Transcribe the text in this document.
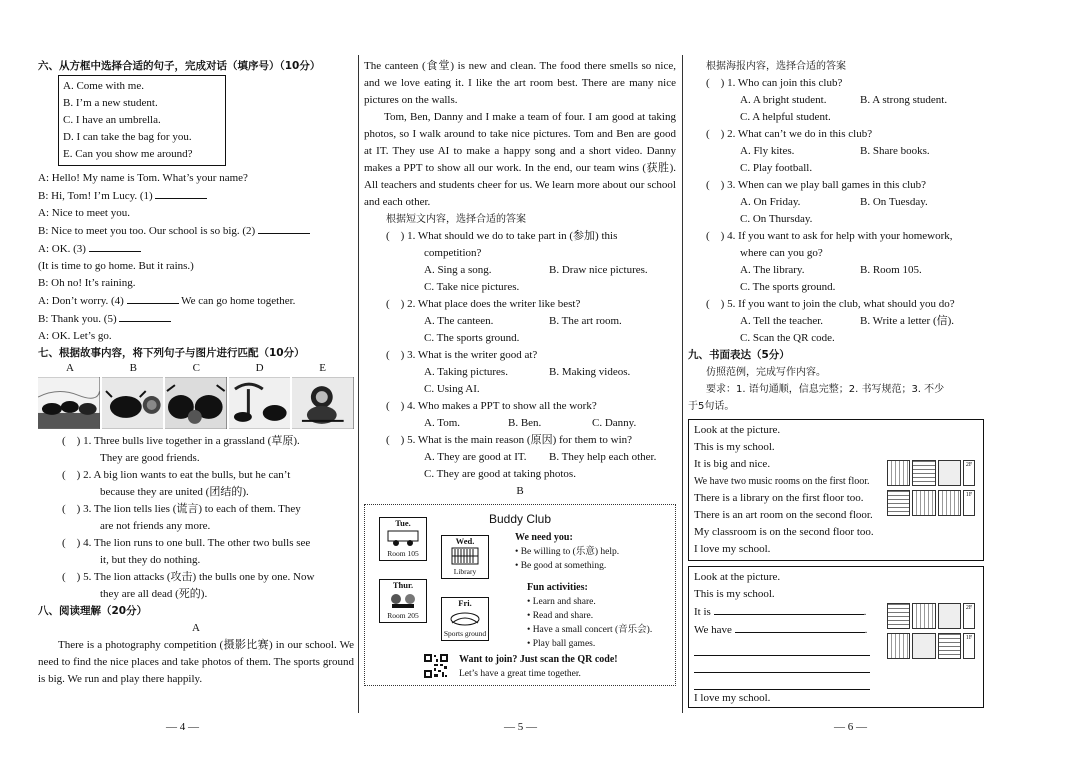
六、从方框中选择合适的句子，完成对话（填序号）（10分）
A. Come with me.
B. I’m a new student.
C. I have an umbrella.
D. I can take the bag for you.
E. Can you show me around?
A: Hello! My name is Tom. What’s your name?
B: Hi, Tom! I’m Lucy. (1)
A: Nice to meet you.
B: Nice to meet you too. Our school is so big. (2)
A: OK. (3)
(It is time to go home. But it rains.)
B: Oh no! It’s raining.
A: Don’t worry. (4)	We can go home together.
B: Thank you. (5)
A: OK. Let’s go.
七、根据故事内容，将下列句子与图片进行匹配（10分）
A	B	C	D	E
(　) 1. Three bulls live together in a grassland (草原).
They are good friends.
(　) 2. A big lion wants to eat the bulls, but he can’t
because they are united (团结的).
(　) 3. The lion tells lies (谎言) to each of them. They
are not friends any more.
(　) 4. The lion runs to one bull. The other two bulls see
it, but they do nothing.
(　) 5. The lion attacks (攻击) the bulls one by one. Now
they are all dead (死的).
八、阅读理解（20分）
A

There is a photography competition (摄影比赛) in our school. We need to find the nice places and take photos of them. The sports ground is big. We run and play there happily.

The canteen (食堂) is new and clean. The food there smells so nice, and we love eating it. I like the art room best. There are many nice pictures on the walls.

Tom, Ben, Danny and I make a team of four. I am good at taking photos, so I walk around to take nice pictures. Tom and Ben are good at IT. They use AI to make a happy song and a short video. Danny makes a PPT to show all our work. In the end, our team wins (获胜). All teachers and students cheer for us. We learn more about our school and each other.

根据短文内容，选择合适的答案
(　) 1. What should we do to take part in (参加) this
competition?
A. Sing a song.	B. Draw nice pictures.
C. Take nice pictures.
(　) 2. What place does the writer like best?
A. The canteen.	B. The art room.
C. The sports ground.
(　) 3. What is the writer good at?
A. Taking pictures.	B. Making videos.
C. Using AI.
(　) 4. Who makes a PPT to show all the work?
A. Tom.	B. Ben.	C. Danny.
(　) 5. What is the main reason (原因) for them to win?
A. They are good at IT.	B. They help each other.
C. They are good at taking photos.
B
Buddy Club
Tue.
Room 105
Wed.
Library
Thur.
Room 205
Fri.
Sports ground
We need you:
• Be willing to (乐意) help.
• Be good at something.
Fun activities:
• Learn and share.
• Read and share.
• Have a small concert (音乐会).
• Play ball games.
Want to join? Just scan the QR code!
Let’s have a great time together.
根据海报内容，选择合适的答案
(　) 1. Who can join this club?
A. A bright student.	B. A strong student.
C. A helpful student.
(　) 2. What can’t we do in this club?
A. Fly kites.	B. Share books.
C. Play football.
(　) 3. When can we play ball games in this club?
A. On Friday.	B. On Tuesday.
C. On Thursday.
(　) 4. If you want to ask for help with your homework,
where can you go?
A. The library.	B. Room 105.
C. The sports ground.
(　) 5. If you want to join the club, what should you do?
A. Tell the teacher.	B. Write a letter (信).
C. Scan the QR code.
九、书面表达（5分）
仿照范例，完成写作内容。
要求：1. 语句通顺，信息完整；2. 书写规范；3. 不少
于5句话。
Look at the picture.
This is my school.
It is big and nice.
We have two music rooms on the first floor.
There is a library on the first floor too.
There is an art room on the second floor.
My classroom is on the second floor too.
I love my school.
2F
1F
Look at the picture.
This is my school.
It is	.
We have	.
I love my school.
2F
1F
— 4 —	— 5 —	— 6 —
